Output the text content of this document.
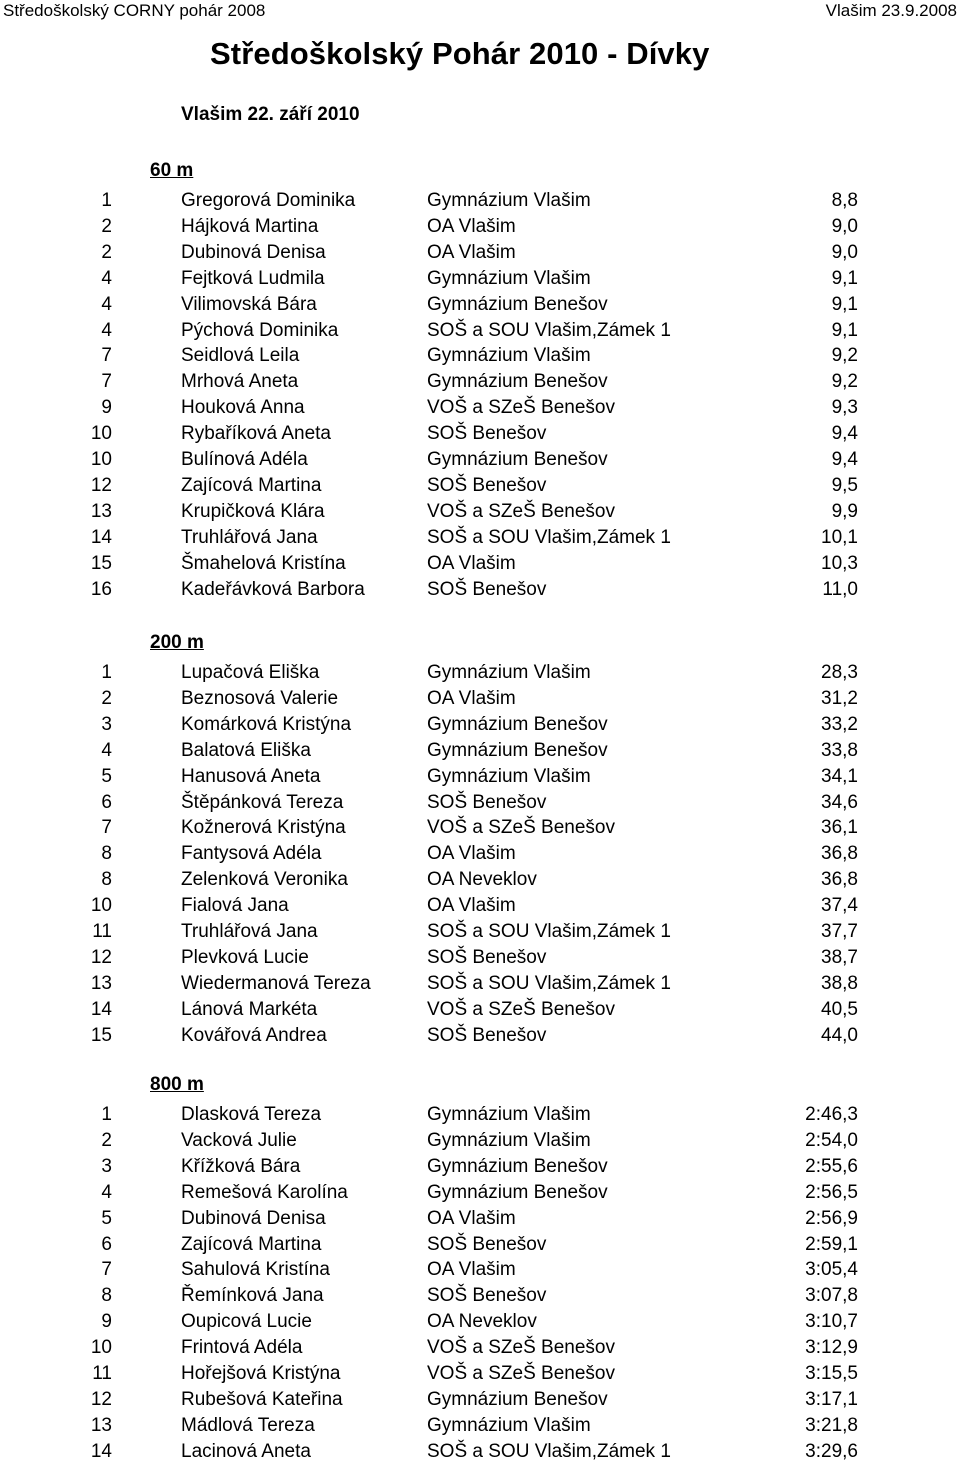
Středoškolský CORNY pohár 2008	Vlašim 23.9.2008
Středoškolský Pohár 2010 - Dívky
Vlašim 22. září 2010
60 m
1	Gregorová Dominika	Gymnázium Vlašim	8,8
2	Hájková Martina	OA Vlašim	9,0
2	Dubinová Denisa	OA Vlašim	9,0
4	Fejtková Ludmila	Gymnázium Vlašim	9,1
4	Vilimovská Bára	Gymnázium Benešov	9,1
4	Pýchová Dominika	SOŠ a SOU Vlašim,Zámek 1	9,1
7	Seidlová Leila	Gymnázium Vlašim	9,2
7	Mrhová Aneta	Gymnázium Benešov	9,2
9	Houková Anna	VOŠ a SZeŠ Benešov	9,3
10	Rybaříková Aneta	SOŠ Benešov	9,4
10	Bulínová Adéla	Gymnázium Benešov	9,4
12	Zajícová Martina	SOŠ Benešov	9,5
13	Krupičková Klára	VOŠ a SZeŠ Benešov	9,9
14	Truhlářová Jana	SOŠ a SOU Vlašim,Zámek 1	10,1
15	Šmahelová Kristína	OA Vlašim	10,3
16	Kadeřávková Barbora	SOŠ Benešov	11,0
200 m
1	Lupačová Eliška	Gymnázium Vlašim	28,3
2	Beznosová Valerie	OA Vlašim	31,2
3	Komárková Kristýna	Gymnázium Benešov	33,2
4	Balatová Eliška	Gymnázium Benešov	33,8
5	Hanusová Aneta	Gymnázium Vlašim	34,1
6	Štěpánková Tereza	SOŠ Benešov	34,6
7	Kožnerová Kristýna	VOŠ a SZeŠ Benešov	36,1
8	Fantysová Adéla	OA Vlašim	36,8
8	Zelenková Veronika	OA Neveklov	36,8
10	Fialová Jana	OA Vlašim	37,4
11	Truhlářová Jana	SOŠ a SOU Vlašim,Zámek 1	37,7
12	Plevková Lucie	SOŠ Benešov	38,7
13	Wiedermanová Tereza	SOŠ a SOU Vlašim,Zámek 1	38,8
14	Lánová Markéta	VOŠ a SZeŠ Benešov	40,5
15	Kovářová Andrea	SOŠ Benešov	44,0
800 m
1	Dlasková Tereza	Gymnázium Vlašim	2:46,3
2	Vacková Julie	Gymnázium Vlašim	2:54,0
3	Křížková Bára	Gymnázium Benešov	2:55,6
4	Remešová Karolína	Gymnázium Benešov	2:56,5
5	Dubinová Denisa	OA Vlašim	2:56,9
6	Zajícová Martina	SOŠ Benešov	2:59,1
7	Sahulová Kristína	OA Vlašim	3:05,4
8	Řemínková Jana	SOŠ Benešov	3:07,8
9	Oupicová Lucie	OA Neveklov	3:10,7
10	Frintová Adéla	VOŠ a SZeŠ Benešov	3:12,9
11	Hořejšová Kristýna	VOŠ a SZeŠ Benešov	3:15,5
12	Rubešová Kateřina	Gymnázium Benešov	3:17,1
13	Mádlová Tereza	Gymnázium Vlašim	3:21,8
14	Lacinová Aneta	SOŠ a SOU Vlašim,Zámek 1	3:29,6
